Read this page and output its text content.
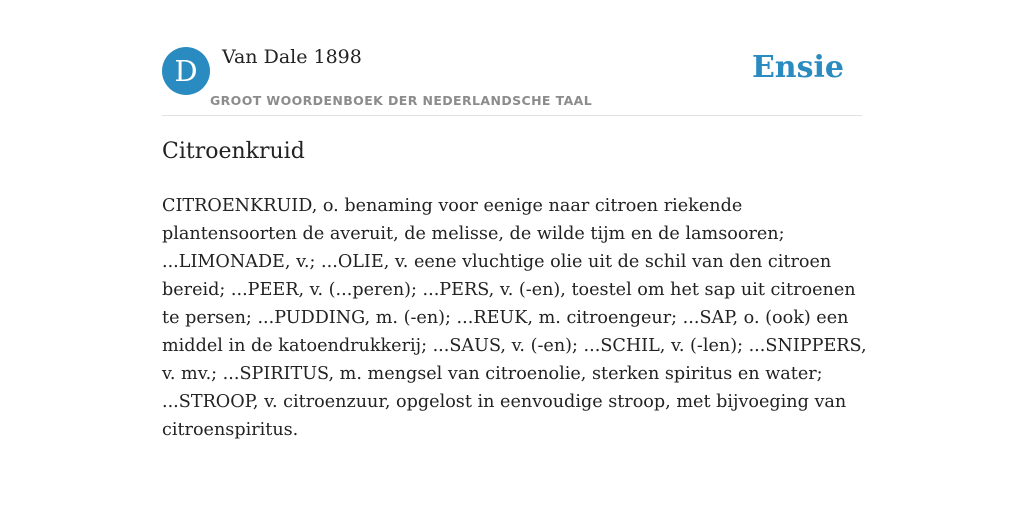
D	Van Dale 1898
GROOT WOORDENBOEK DER NEDERLANDSCHE TAAL
Ensie
Citroenkruid

CITROENKRUID, o. benaming voor eenige naar citroen riekende plantensoorten de averuit, de melisse, de wilde tijm en de lamsooren; ...LIMONADE, v.; ...OLIE, v. eene vluchtige olie uit de schil van den citroen bereid; ...PEER, v. (...peren); ...PERS, v. (-en), toestel om het sap uit citroenen te persen; ...PUDDING, m. (-en); ...REUK, m. citroengeur; ...SAP, o. (ook) een middel in de katoendrukkerij; ...SAUS, v. (-en); ...SCHIL, v. (-len); ...SNIPPERS, v. mv.; ...SPIRITUS, m. mengsel van citroenolie, sterken spiritus en water; ...STROOP, v. citroenzuur, opgelost in eenvoudige stroop, met bijvoeging van citroenspiritus.
